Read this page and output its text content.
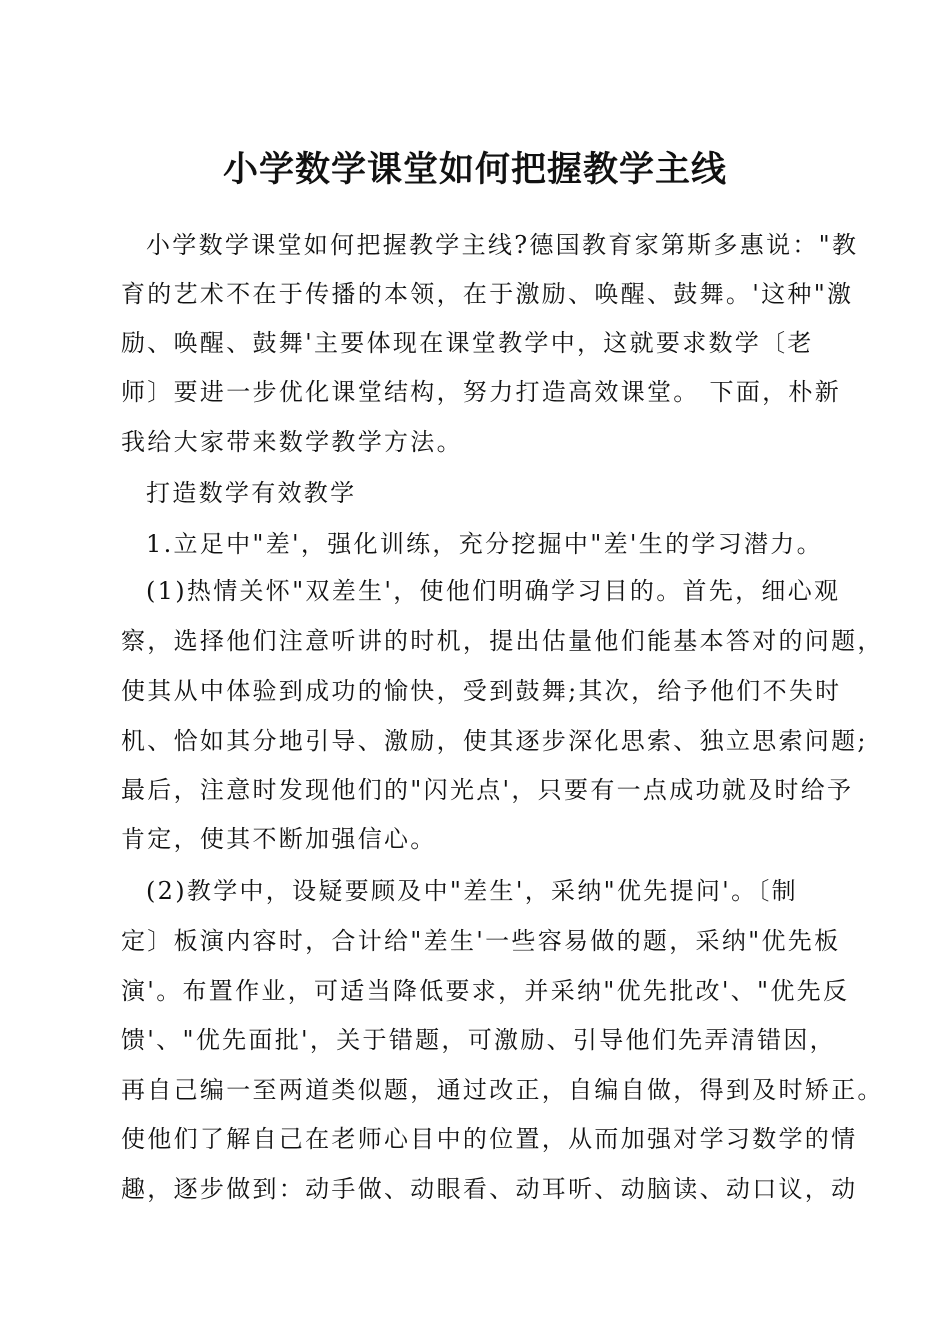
小学数学课堂如何把握教学主线
小学数学课堂如何把握教学主线?德国教育家第斯多惠说："教
育的艺术不在于传播的本领，在于激励、唤醒、鼓舞。'这种"激
励、唤醒、鼓舞'主要体现在课堂教学中，这就要求数学〔老
师〕要进一步优化课堂结构，努力打造高效课堂。 下面，朴新
我给大家带来数学教学方法。
打造数学有效教学
1.立足中"差'，强化训练，充分挖掘中"差'生的学习潜力。
(1)热情关怀"双差生'，使他们明确学习目的。首先，细心观
察，选择他们注意听讲的时机，提出估量他们能基本答对的问题，
使其从中体验到成功的愉快，受到鼓舞;其次，给予他们不失时
机、恰如其分地引导、激励，使其逐步深化思索、独立思索问题;
最后，注意时发现他们的"闪光点'，只要有一点成功就及时给予
肯定，使其不断加强信心。
(2)教学中，设疑要顾及中"差生'，采纳"优先提问'。〔制
定〕板演内容时，合计给"差生'一些容易做的题，采纳"优先板
演'。布置作业，可适当降低要求，并采纳"优先批改'、"优先反
馈'、"优先面批'，关于错题，可激励、引导他们先弄清错因，
再自己编一至两道类似题，通过改正，自编自做，得到及时矫正。
使他们了解自己在老师心目中的位置，从而加强对学习数学的情
趣，逐步做到：动手做、动眼看、动耳听、动脑读、动口议，动
